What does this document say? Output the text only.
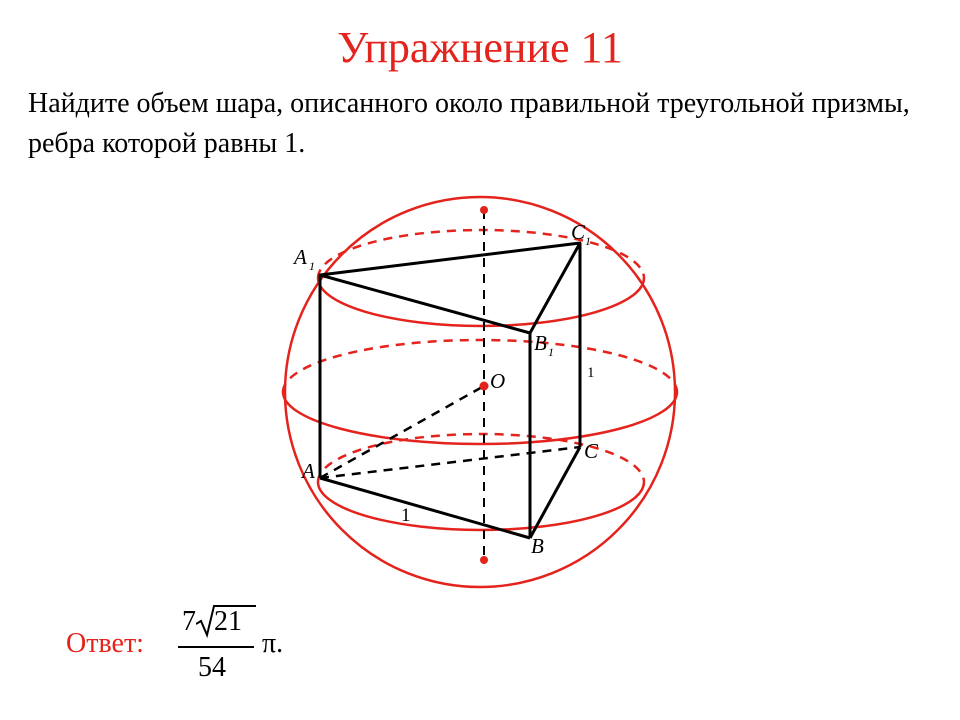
Упражнение 11
Найдите объем шара, описанного около правильной треугольной призмы, ребра которой равны 1.
A 1
C 1
B 1
O
A
B
C
1
1
Ответ:
7 21
54
π.
